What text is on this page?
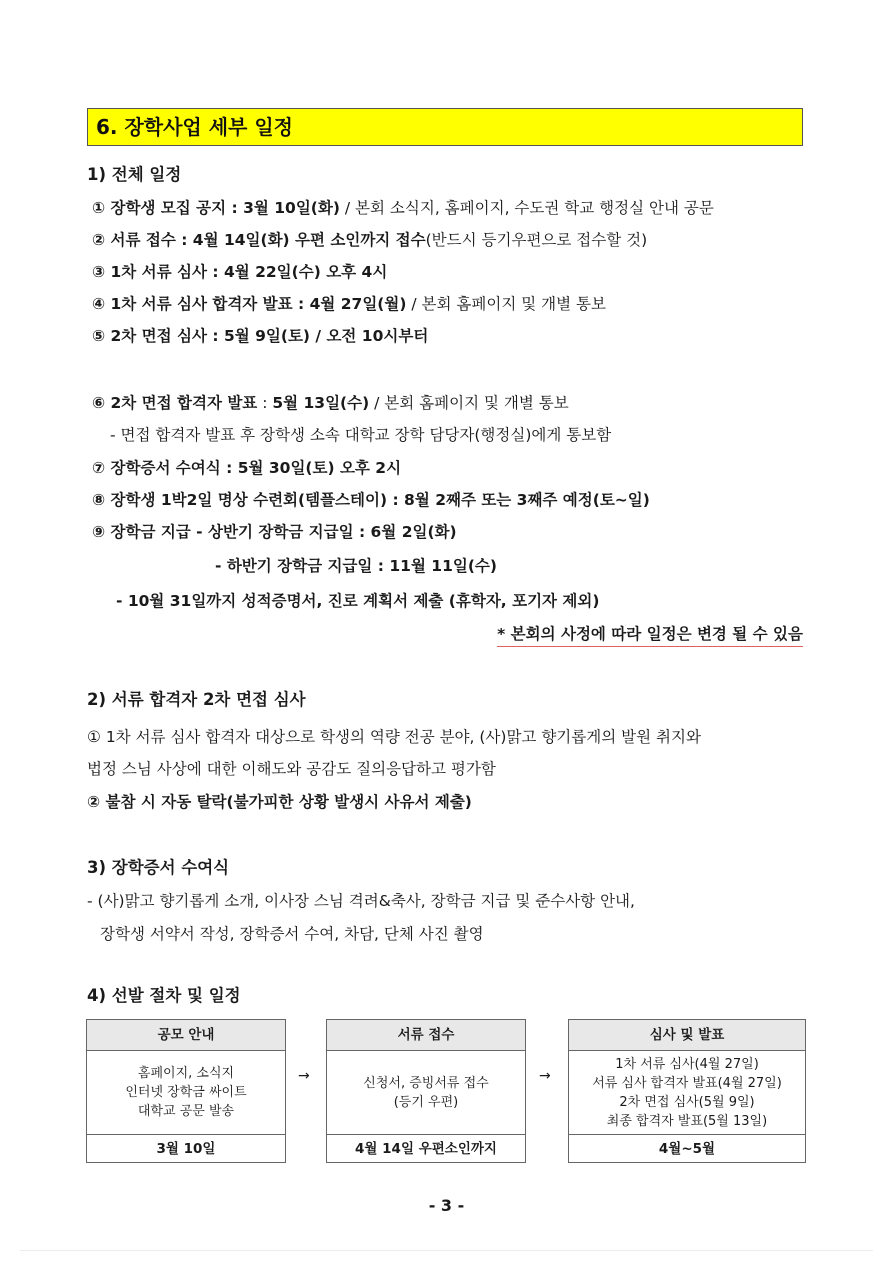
6. 장학사업 세부 일정
1) 전체 일정
① 장학생 모집 공지 : 3월 10일(화) / 본회 소식지, 홈페이지, 수도권 학교 행정실 안내 공문
② 서류 접수 : 4월 14일(화) 우편 소인까지 접수(반드시 등기우편으로 접수할 것)
③ 1차 서류 심사 : 4월 22일(수) 오후 4시
④ 1차 서류 심사 합격자 발표 : 4월 27일(월) / 본회 홈페이지 및 개별 통보
⑤ 2차 면접 심사 : 5월 9일(토) / 오전 10시부터
⑥ 2차 면접 합격자 발표 : 5월 13일(수) / 본회 홈페이지 및 개별 통보
- 면접 합격자 발표 후 장학생 소속 대학교 장학 담당자(행정실)에게 통보함
⑦ 장학증서 수여식 : 5월 30일(토) 오후 2시
⑧ 장학생 1박2일 명상 수련회(템플스테이) : 8월 2째주 또는 3째주 예정(토~일)
⑨ 장학금 지급 - 상반기 장학금 지급일 : 6월 2일(화)
- 하반기 장학금 지급일 : 11월 11일(수)
- 10월 31일까지 성적증명서, 진로 계획서 제출 (휴학자, 포기자 제외)
* 본회의 사정에 따라 일정은 변경 될 수 있음
2) 서류 합격자 2차 면접 심사
① 1차 서류 심사 합격자 대상으로 학생의 역량 전공 분야, (사)맑고 향기롭게의 발원 취지와
법정 스님 사상에 대한 이해도와 공감도 질의응답하고 평가함
② 불참 시 자동 탈락(불가피한 상황 발생시 사유서 제출)
3) 장학증서 수여식
- (사)맑고 향기롭게 소개, 이사장 스님 격려&축사, 장학금 지급 및 준수사항 안내,
장학생 서약서 작성, 장학증서 수여, 차담, 단체 사진 촬영
4) 선발 절차 및 일정
공모 안내
홈페이지, 소식지
인터넷 장학금 싸이트
대학교 공문 발송
3월 10일
→
서류 접수
신청서, 증빙서류 접수
(등기 우편)
4월 14일 우편소인까지
→
심사 및 발표
1차 서류 심사(4월 27일)
서류 심사 합격자 발표(4월 27일)
2차 면접 심사(5월 9일)
최종 합격자 발표(5월 13일)
4월~5월
- 3 -
